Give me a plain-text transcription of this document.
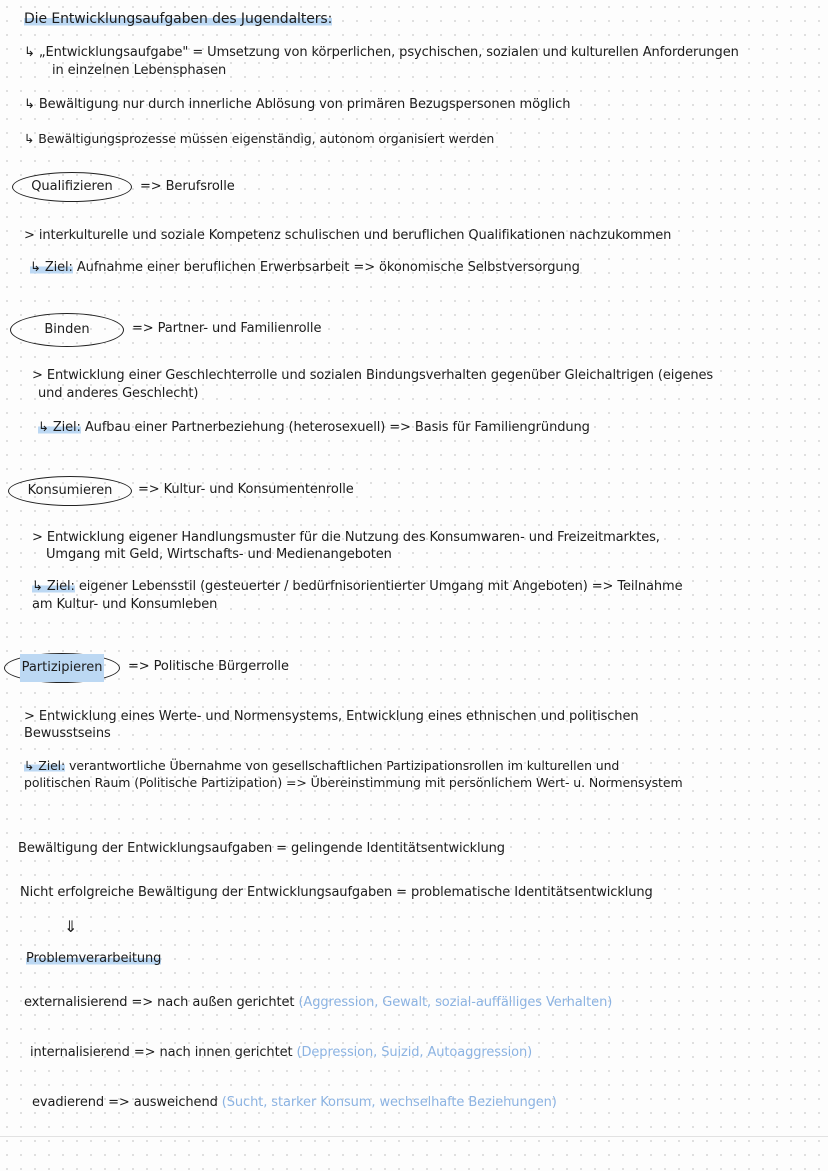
Die Entwicklungsaufgaben des Jugendalters:
↳ „Entwicklungsaufgabe" = Umsetzung von körperlichen, psychischen, sozialen und kulturellen Anforderungen
in einzelnen Lebensphasen
↳ Bewältigung nur durch innerliche Ablösung von primären Bezugspersonen möglich
↳ Bewältigungsprozesse müssen eigenständig, autonom organisiert werden
Qualifizieren	=> Berufsrolle
> interkulturelle und soziale Kompetenz schulischen und beruflichen Qualifikationen nachzukommen
↳ Ziel: Aufnahme einer beruflichen Erwerbsarbeit => ökonomische Selbstversorgung
Binden	=> Partner- und Familienrolle
> Entwicklung einer Geschlechterrolle und sozialen Bindungsverhalten gegenüber Gleichaltrigen (eigenes
und anderes Geschlecht)
↳ Ziel: Aufbau einer Partnerbeziehung (heterosexuell) => Basis für Familiengründung
Konsumieren	=> Kultur- und Konsumentenrolle
> Entwicklung eigener Handlungsmuster für die Nutzung des Konsumwaren- und Freizeitmarktes,
Umgang mit Geld, Wirtschafts- und Medienangeboten
↳ Ziel: eigener Lebensstil (gesteuerter / bedürfnisorientierter Umgang mit Angeboten) => Teilnahme
am Kultur- und Konsumleben
Partizipieren	=> Politische Bürgerrolle
> Entwicklung eines Werte- und Normensystems, Entwicklung eines ethnischen und politischen
Bewusstseins
↳ Ziel: verantwortliche Übernahme von gesellschaftlichen Partizipationsrollen im kulturellen und
politischen Raum (Politische Partizipation) => Übereinstimmung mit persönlichem Wert- u. Normensystem
Bewältigung der Entwicklungsaufgaben = gelingende Identitätsentwicklung
Nicht erfolgreiche Bewältigung der Entwicklungsaufgaben = problematische Identitätsentwicklung
⇓
Problemverarbeitung
externalisierend => nach außen gerichtet (Aggression, Gewalt, sozial-auffälliges Verhalten)
internalisierend => nach innen gerichtet (Depression, Suizid, Autoaggression)
evadierend => ausweichend (Sucht, starker Konsum, wechselhafte Beziehungen)
